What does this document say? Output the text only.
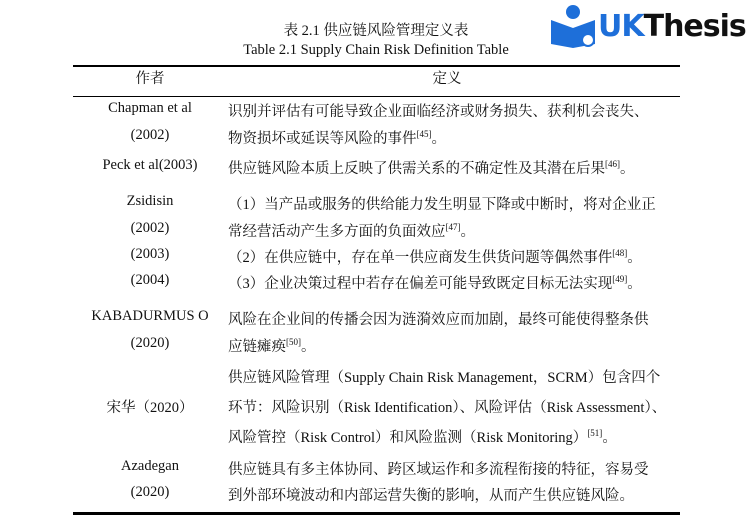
表 2.1 供应链风险管理定义表
Table 2.1 Supply Chain Risk Definition Table
作者	定义
Chapman et al
(2002)
识别并评估有可能导致企业面临经济或财务损失、获利机会丧失、
物资损坏或延误等风险的事件[45]。
Peck et al(2003) 供应链风险本质上反映了供需关系的不确定性及其潜在后果[46]。
Zsidisin
(2002)
(2003)
(2004)
（1）当产品或服务的供给能力发生明显下降或中断时，将对企业正
常经营活动产生多方面的负面效应[47]。
（2）在供应链中，存在单一供应商发生供货问题等偶然事件[48]。
（3）企业决策过程中若存在偏差可能导致既定目标无法实现[49]。
KABADURMUS O
(2020)
风险在企业间的传播会因为涟漪效应而加剧，最终可能使得整条供
应链瘫痪[50]。
宋华（2020）
供应链风险管理（Supply Chain Risk Management，SCRM）包含四个
环节：风险识别（Risk Identification）、风险评估（Risk Assessment）、
风险管控（Risk Control）和风险监测（Risk Monitoring）[51]。
Azadegan
(2020)
供应链具有多主体协同、跨区域运作和多流程衔接的特征，容易受
到外部环境波动和内部运营失衡的影响，从而产生供应链风险。
UKThesis
